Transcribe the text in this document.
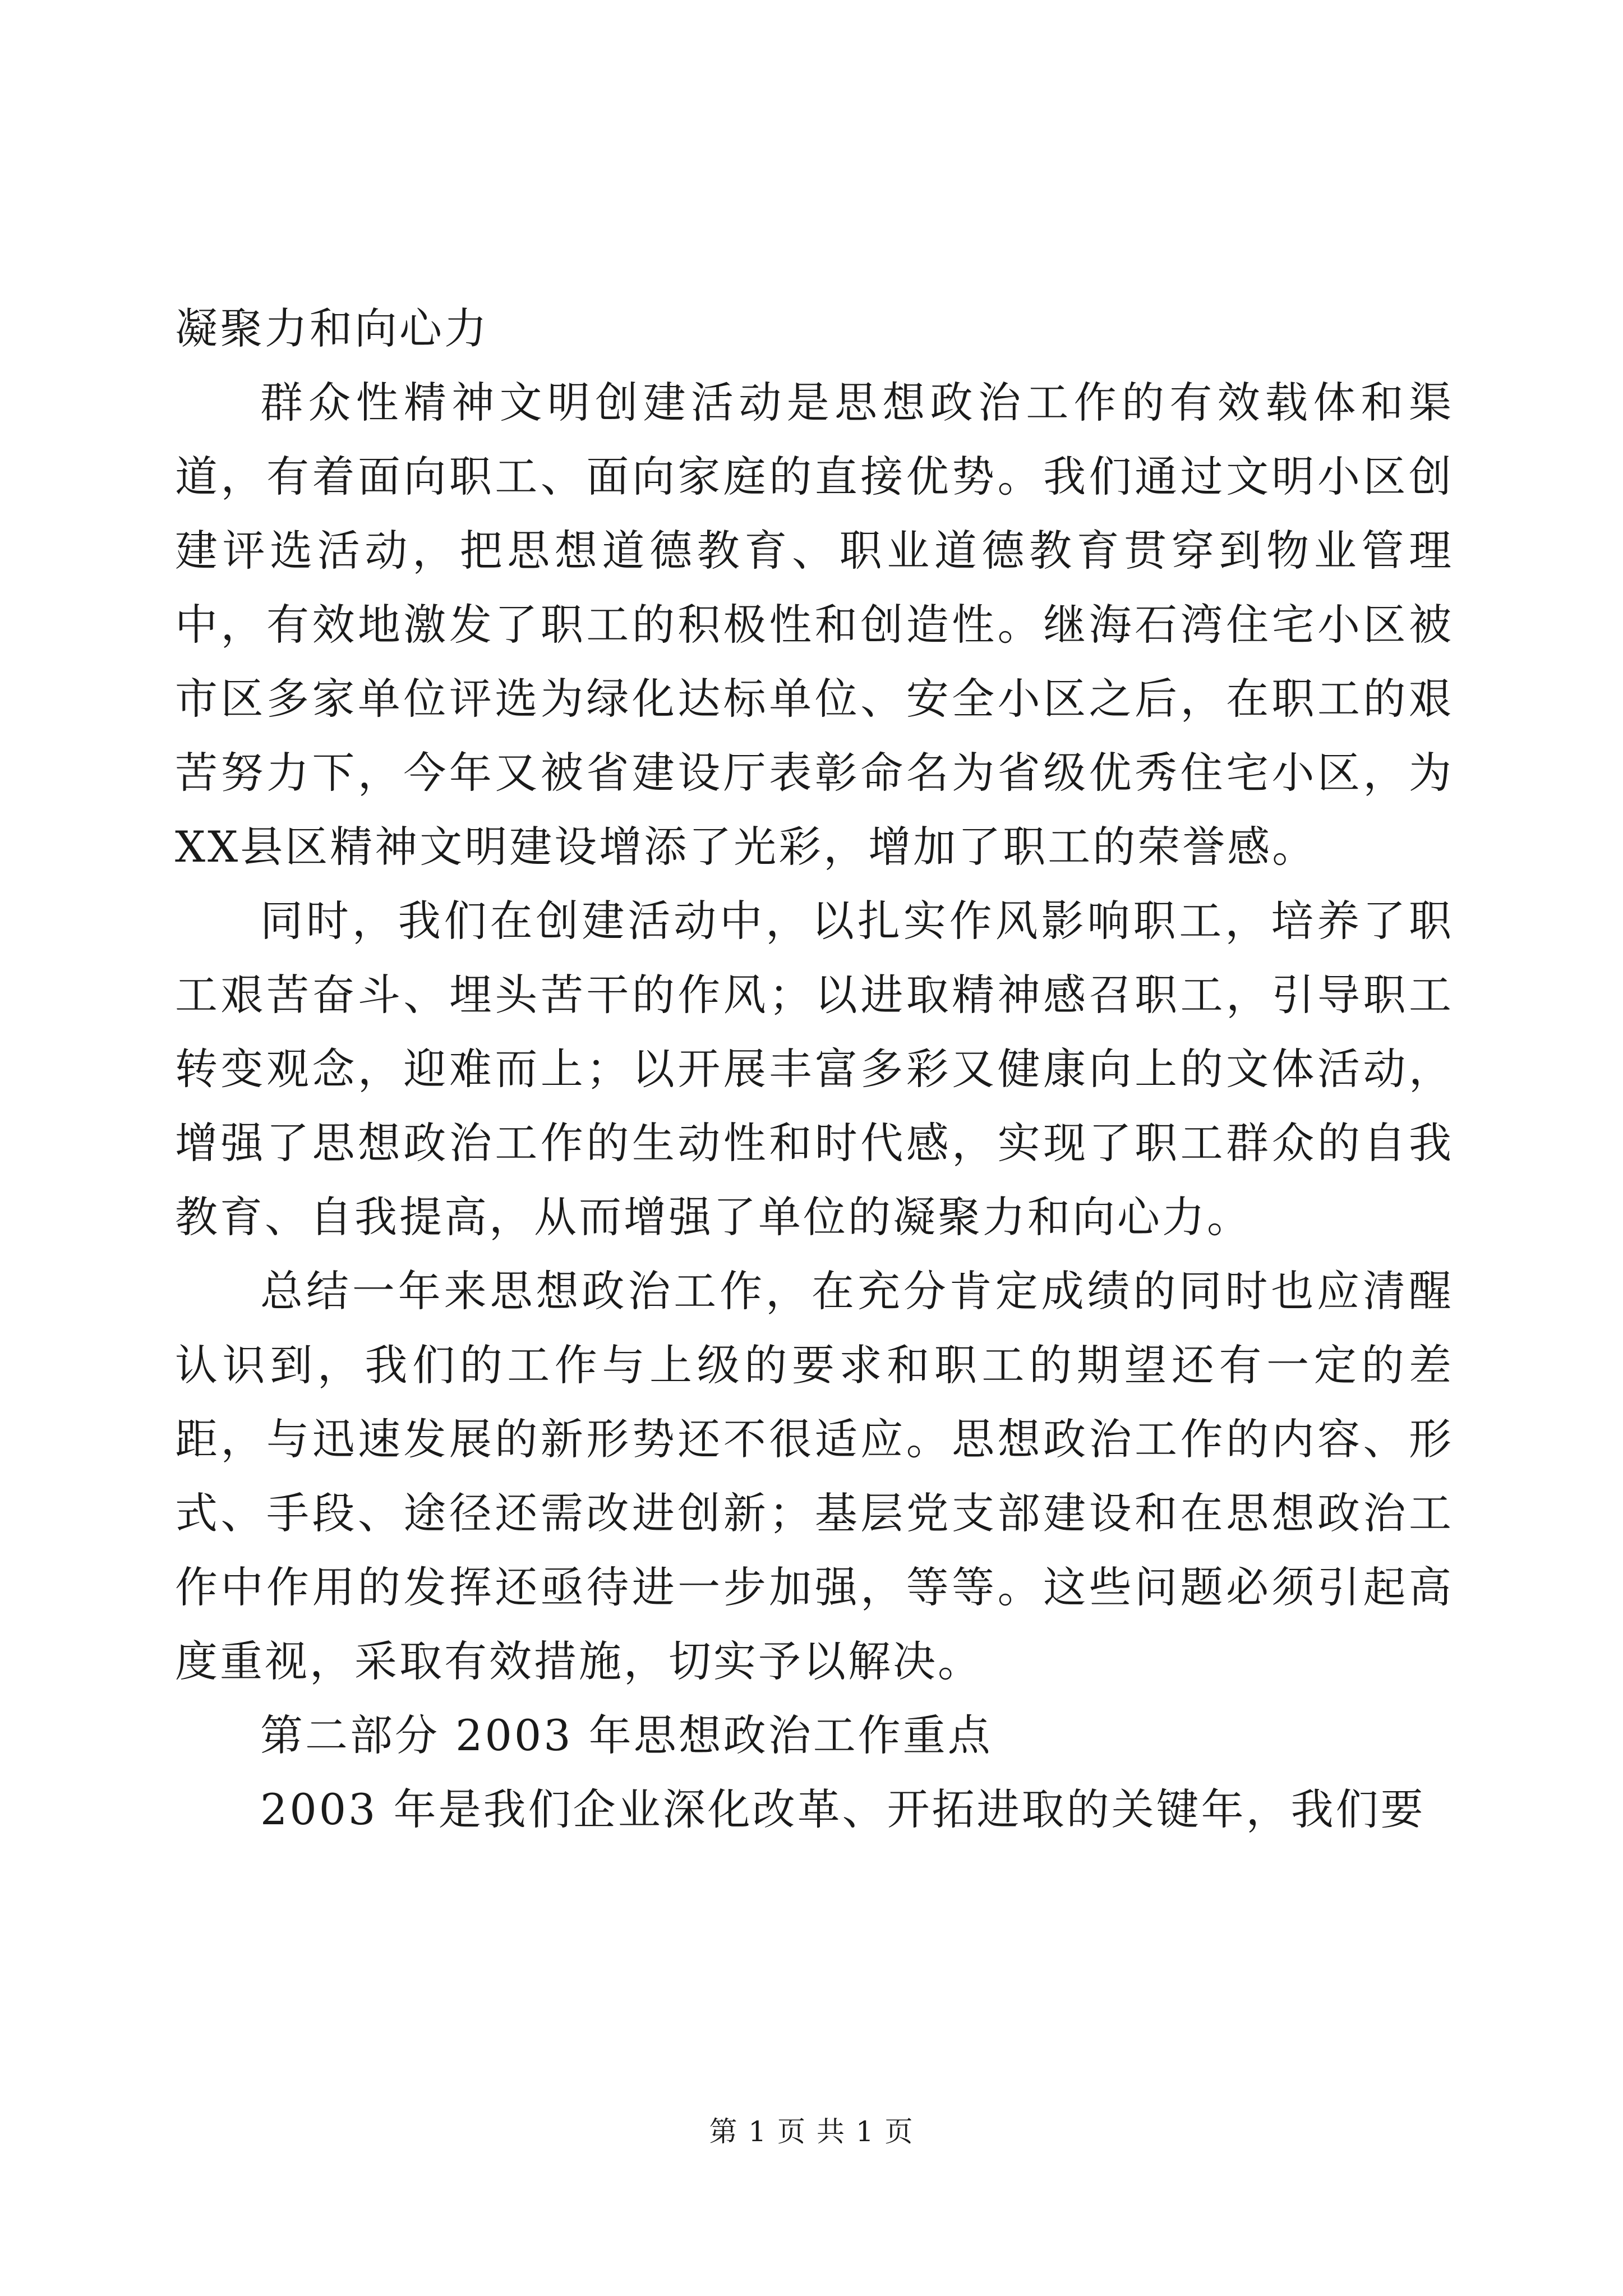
凝聚力和向心力

群众性精神文明创建活动是思想政治工作的有效载体和渠道，有着面向职工、面向家庭的直接优势。我们通过文明小区创建评选活动，把思想道德教育、职业道德教育贯穿到物业管理中，有效地激发了职工的积极性和创造性。继海石湾住宅小区被市区多家单位评选为绿化达标单位、安全小区之后，在职工的艰苦努力下，今年又被省建设厅表彰命名为省级优秀住宅小区，为XX县区精神文明建设增添了光彩，增加了职工的荣誉感。

同时，我们在创建活动中，以扎实作风影响职工，培养了职工艰苦奋斗、埋头苦干的作风；以进取精神感召职工，引导职工转变观念，迎难而上；以开展丰富多彩又健康向上的文体活动，增强了思想政治工作的生动性和时代感，实现了职工群众的自我教育、自我提高，从而增强了单位的凝聚力和向心力。

总结一年来思想政治工作，在充分肯定成绩的同时也应清醒认识到，我们的工作与上级的要求和职工的期望还有一定的差距，与迅速发展的新形势还不很适应。思想政治工作的内容、形式、手段、途径还需改进创新；基层党支部建设和在思想政治工作中作用的发挥还亟待进一步加强，等等。这些问题必须引起高度重视，采取有效措施，切实予以解决。

第二部分 2003 年思想政治工作重点

2003 年是我们企业深化改革、开拓进取的关键年，我们要

第 1 页 共 1 页
